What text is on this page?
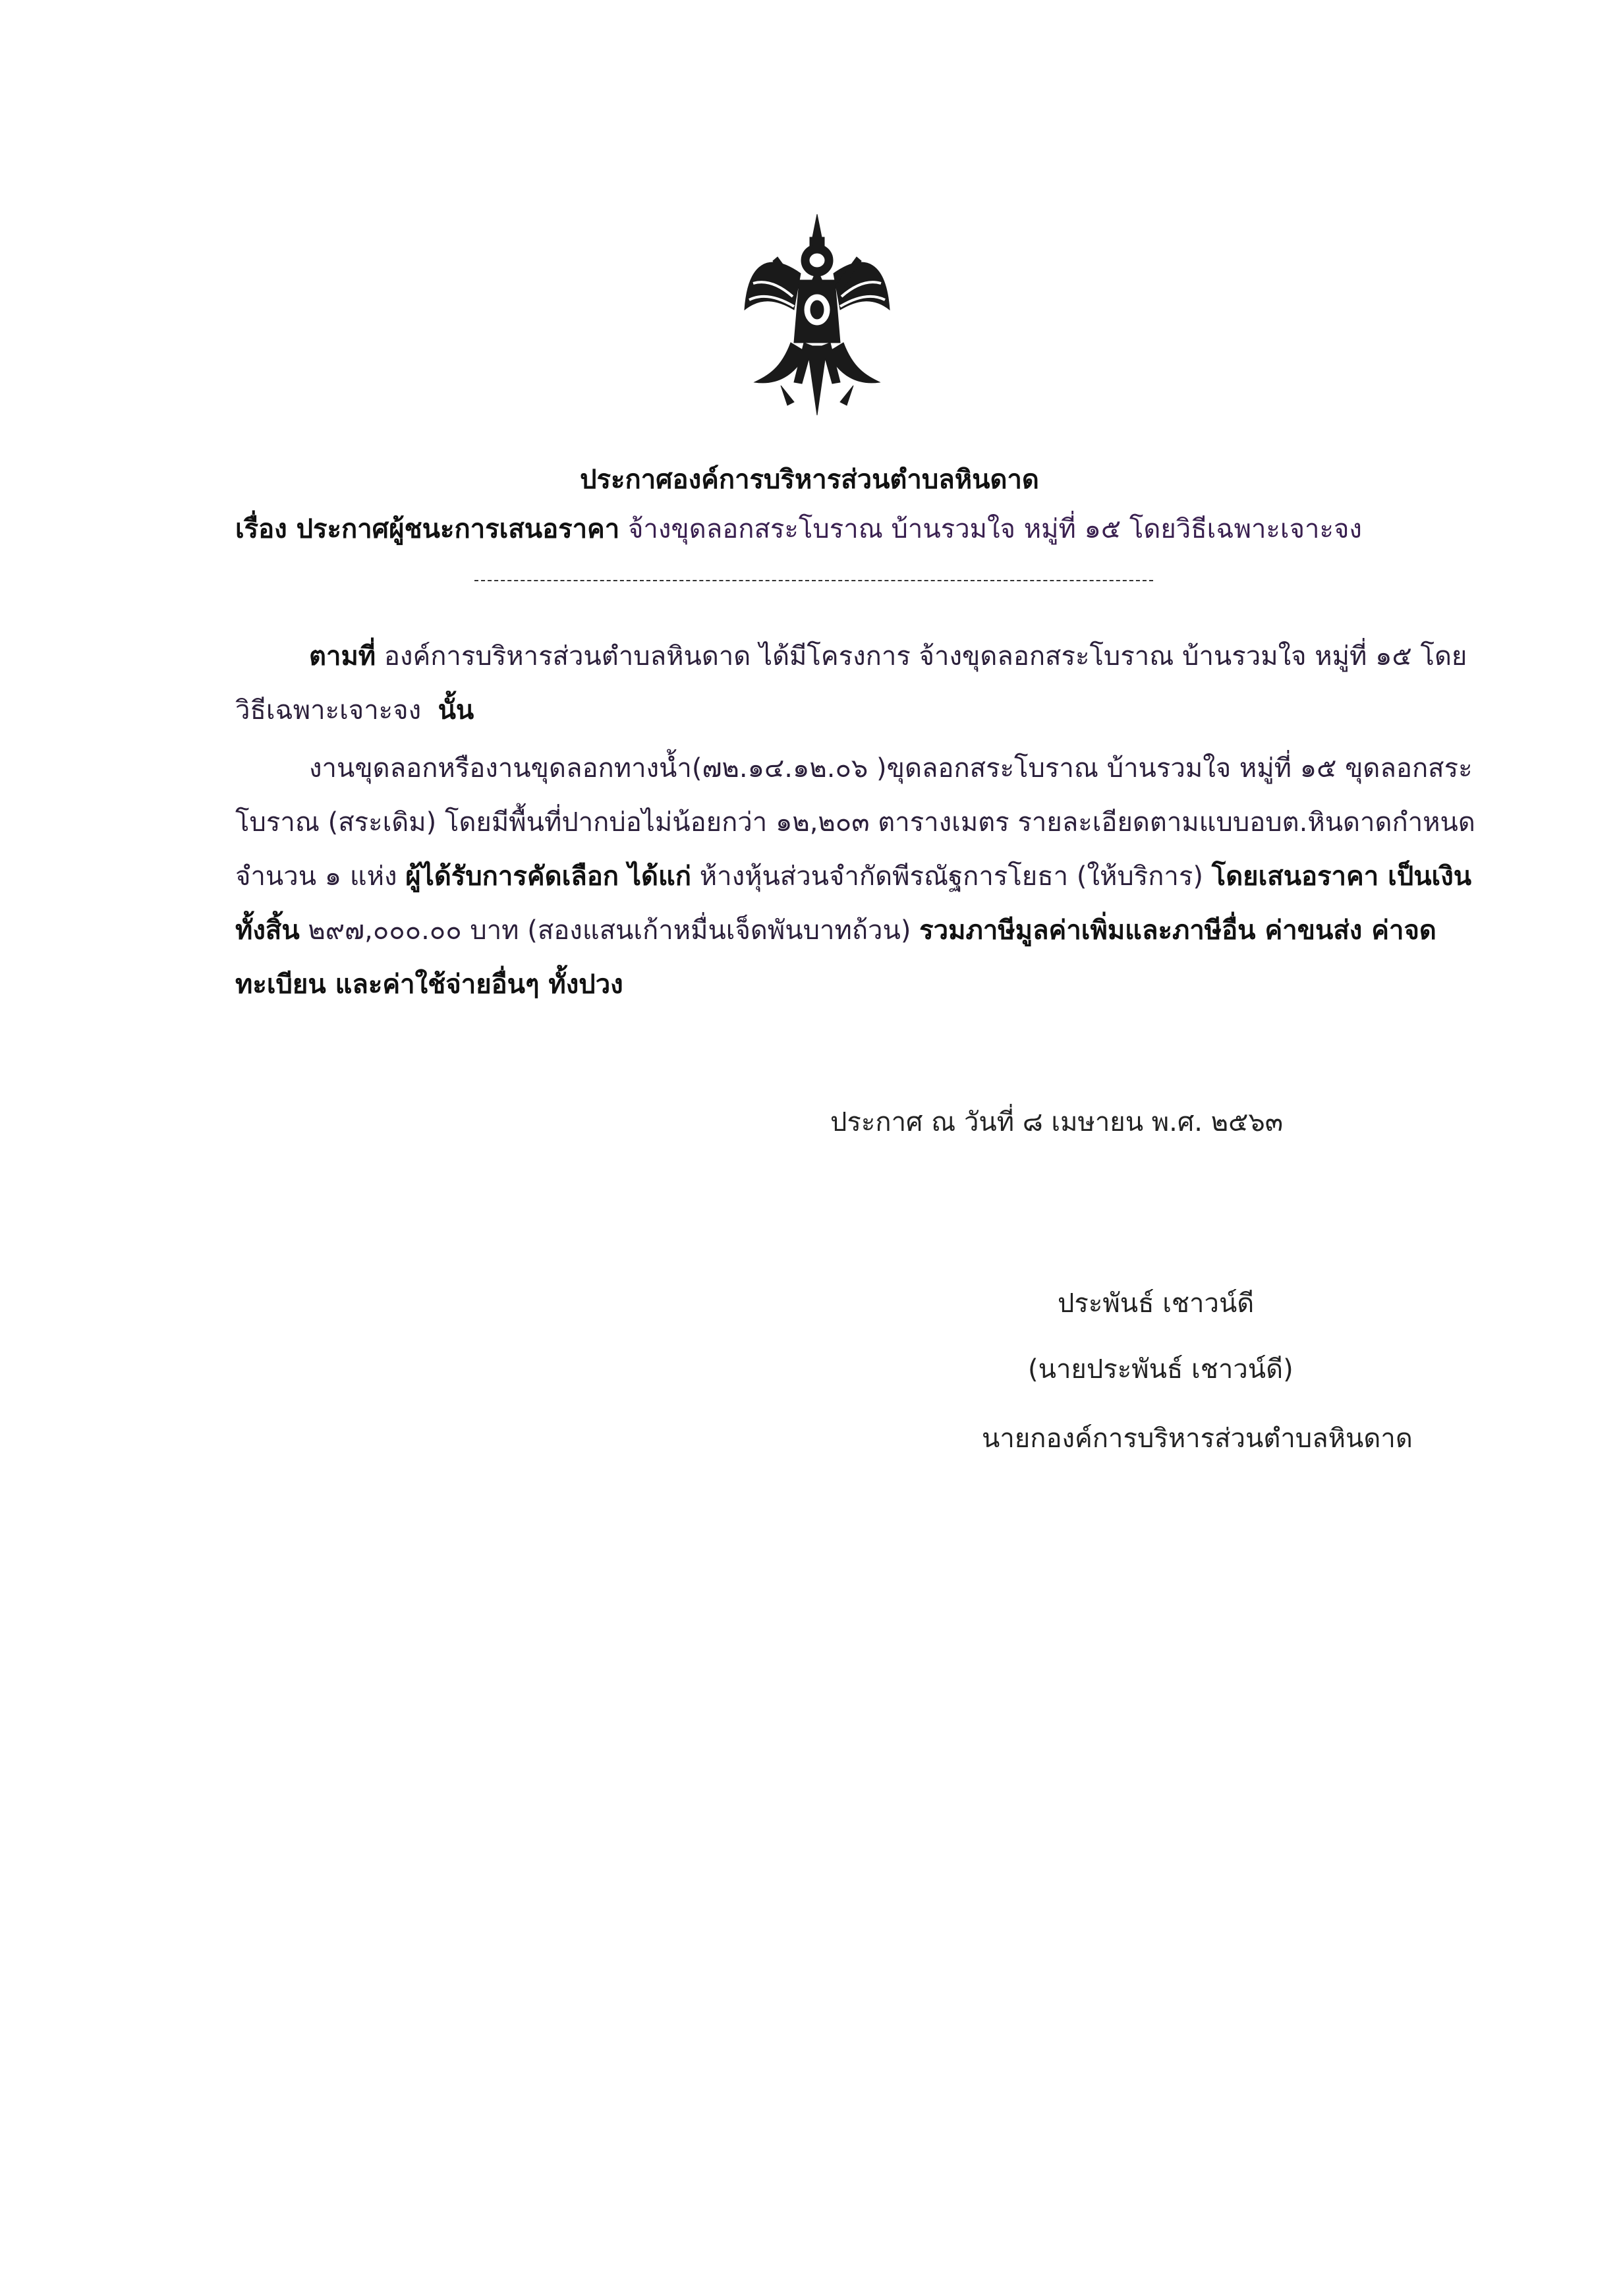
ประกาศองค์การบริหารส่วนตำบลหินดาด
เรื่อง ประกาศผู้ชนะการเสนอราคา จ้างขุดลอกสระโบราณ บ้านรวมใจ หมู่ที่ ๑๕ โดยวิธีเฉพาะเจาะจง
ตามที่ องค์การบริหารส่วนตำบลหินดาด ได้มีโครงการ จ้างขุดลอกสระโบราณ บ้านรวมใจ หมู่ที่ ๑๕ โดยวิธีเฉพาะเจาะจง นั้น
งานขุดลอกหรืองานขุดลอกทางน้ำ(๗๒.๑๔.๑๒.๐๖ )ขุดลอกสระโบราณ บ้านรวมใจ หมู่ที่ ๑๕ ขุดลอกสระโบราณ (สระเดิม) โดยมีพื้นที่ปากบ่อไม่น้อยกว่า ๑๒,๒๐๓ ตารางเมตร รายละเอียดตามแบบอบต.หินดาดกำหนด จำนวน ๑ แห่ง ผู้ได้รับการคัดเลือก ได้แก่ ห้างหุ้นส่วนจำกัดพีรณัฐการโยธา (ให้บริการ) โดยเสนอราคา เป็นเงินทั้งสิ้น ๒๙๗,๐๐๐.๐๐ บาท (สองแสนเก้าหมื่นเจ็ดพันบาทถ้วน) รวมภาษีมูลค่าเพิ่มและภาษีอื่น ค่าขนส่ง ค่าจดทะเบียน และค่าใช้จ่ายอื่นๆ ทั้งปวง
ประกาศ ณ วันที่ ๘ เมษายน พ.ศ. ๒๕๖๓
ประพันธ์ เชาวน์ดี
(นายประพันธ์ เชาวน์ดี)
นายกองค์การบริหารส่วนตำบลหินดาด
